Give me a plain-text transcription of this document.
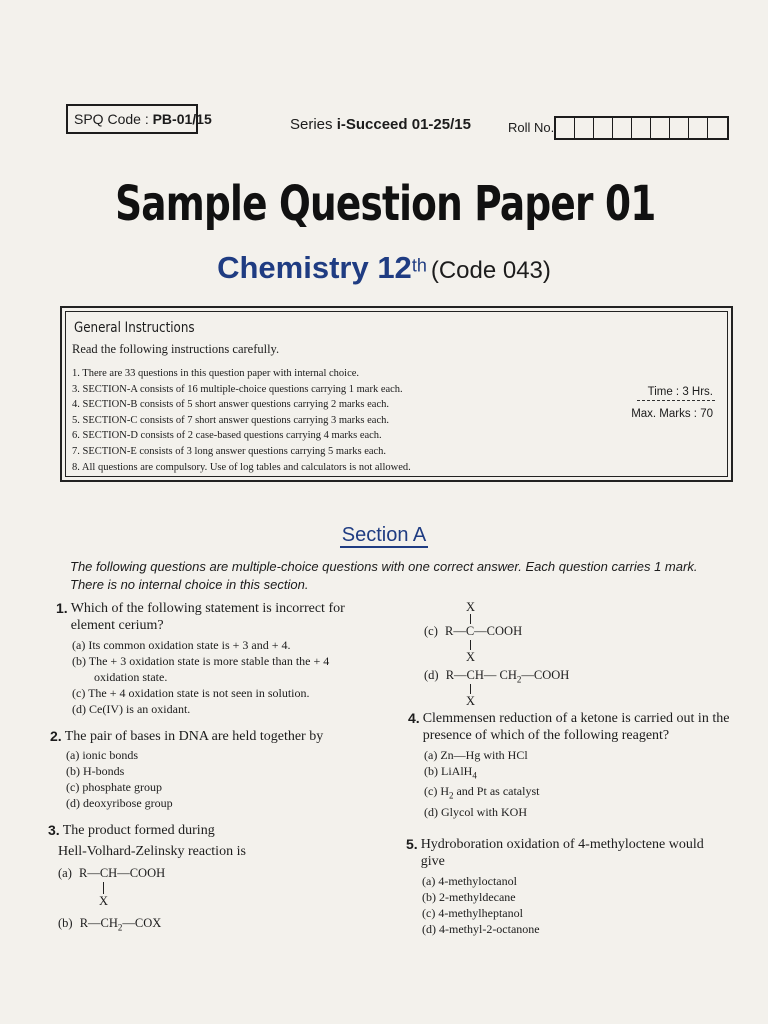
SPQ Code : PB-01/15	Series i-Succeed 01-25/15	Roll No.
Sample Question Paper 01
Chemistry 12th (Code 043)
General Instructions
Read the following instructions carefully.
1. There are 33 questions in this question paper with internal choice.
3. SECTION-A consists of 16 multiple-choice questions carrying 1 mark each.
4. SECTION-B consists of 5 short answer questions carrying 2 marks each.
5. SECTION-C consists of 7 short answer questions carrying 3 marks each.
6. SECTION-D consists of 2 case-based questions carrying 4 marks each.
7. SECTION-E consists of 3 long answer questions carrying 5 marks each.
8. All questions are compulsory. Use of log tables and calculators is not allowed.
Time : 3 Hrs.
Max. Marks : 70
Section A
The following questions are multiple-choice questions with one correct answer. Each question carries 1 mark. There is no internal choice in this section.
1. Which of the following statement is incorrect for element cerium?
(a) Its common oxidation state is + 3 and + 4.
(b) The + 3 oxidation state is more stable than the + 4
oxidation state.
(c) The + 4 oxidation state is not seen in solution.
(d) Ce(IV) is an oxidant.
2. The pair of bases in DNA are held together by
(a) ionic bonds
(b) H-bonds
(c) phosphate group
(d) deoxyribose group
3. The product formed during
Hell-Volhard-Zelinsky reaction is
(a) R—CH—COOH
X
(b) $R—CH_2—COX$
X
(c) R—C—COOH
X
(d) R—CH— $CH_2—COOH$
X
4. Clemmensen reduction of a ketone is carried out in the presence of which of the following reagent?
(a) Zn—Hg with HCl
(b) LiAlH$_4$
(c) $H_2$ and Pt as catalyst
(d) Glycol with KOH
5. Hydroboration oxidation of 4-methyloctene would give
(a) 4-methyloctanol
(b) 2-methyldecane
(c) 4-methylheptanol
(d) 4-methyl-2-octanone
